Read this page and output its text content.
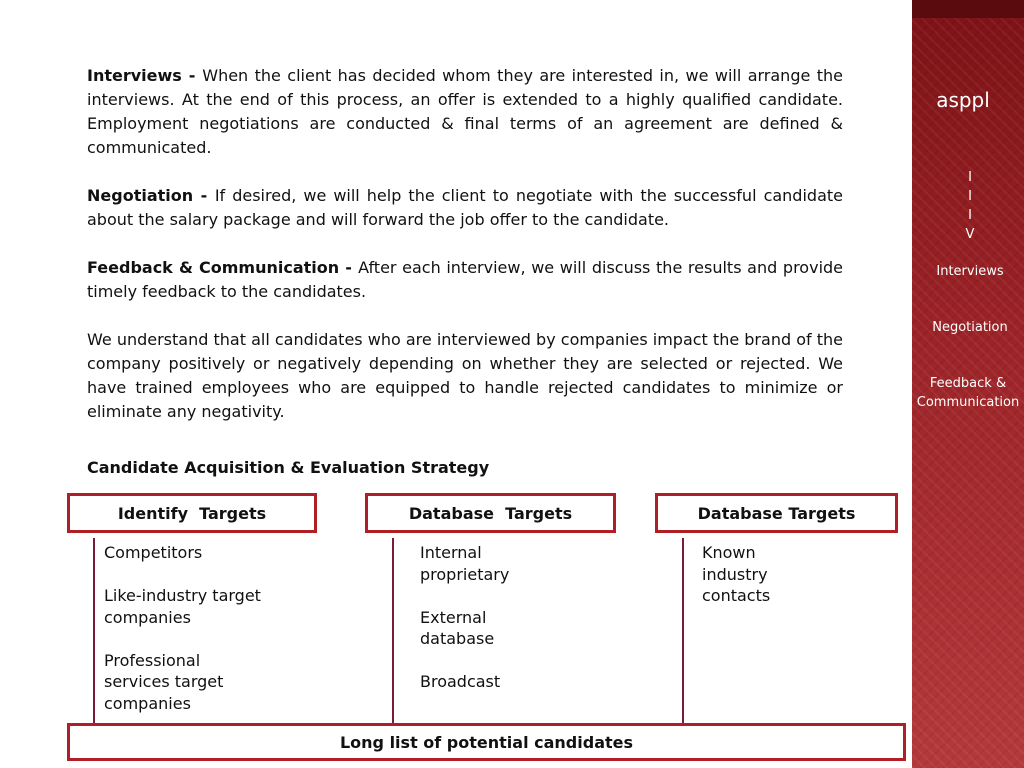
Interviews - When the client has decided whom they are interested in, we will arrange the interviews. At the end of this process, an offer is extended to a highly qualified candidate. Employment negotiations are conducted & final terms of an agreement are defined & communicated.

Negotiation - If desired, we will help the client to negotiate with the successful candidate about the salary package and will forward the job offer to the candidate.

Feedback & Communication - After each interview, we will discuss the results and provide timely feedback to the candidates.

We understand that all candidates who are interviewed by companies impact the brand of the company positively or negatively depending on whether they are selected or rejected. We have trained employees who are equipped to handle rejected candidates to minimize or eliminate any negativity.

Candidate Acquisition & Evaluation Strategy
Identify  Targets	Database  Targets	Database Targets
Competitors
Like-industry target companies
Professional services target companies
Internal proprietary
External database
Broadcast
Known industry contacts
Long list of potential candidates
asppl
I
I
I
V
Interviews
Negotiation
Feedback & Communication
